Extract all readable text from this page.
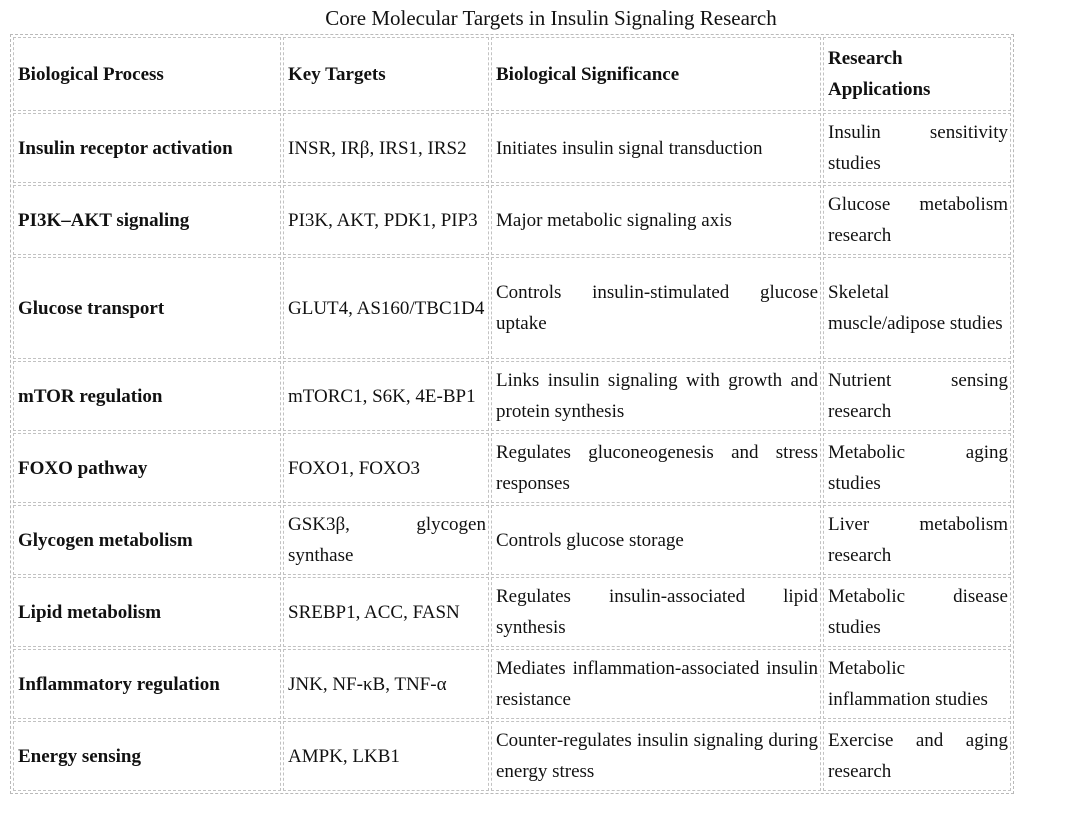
Core Molecular Targets in Insulin Signaling Research
Biological Process	Key Targets	Biological Significance	Research Applications
Insulin receptor activation	INSR, IRβ, IRS1, IRS2	Initiates insulin signal transduction	Insulin sensitivity studies
PI3K–AKT signaling	PI3K, AKT, PDK1, PIP3	Major metabolic signaling axis	Glucose metabolism research
Glucose transport	GLUT4, AS160/TBC1D4	Controls insulin-stimulated glucose uptake	Skeletal muscle/adipose studies
mTOR regulation	mTORC1, S6K, 4E-BP1	Links insulin signaling with growth and protein synthesis	Nutrient sensing research
FOXO pathway	FOXO1, FOXO3	Regulates gluconeogenesis and stress responses	Metabolic aging studies
Glycogen metabolism	GSK3β, glycogen synthase	Controls glucose storage	Liver metabolism research
Lipid metabolism	SREBP1, ACC, FASN	Regulates insulin-associated lipid synthesis	Metabolic disease studies
Inflammatory regulation	JNK, NF-κB, TNF-α	Mediates inflammation-associated insulin resistance	Metabolic inflammation studies
Energy sensing	AMPK, LKB1	Counter-regulates insulin signaling during energy stress	Exercise and aging research
